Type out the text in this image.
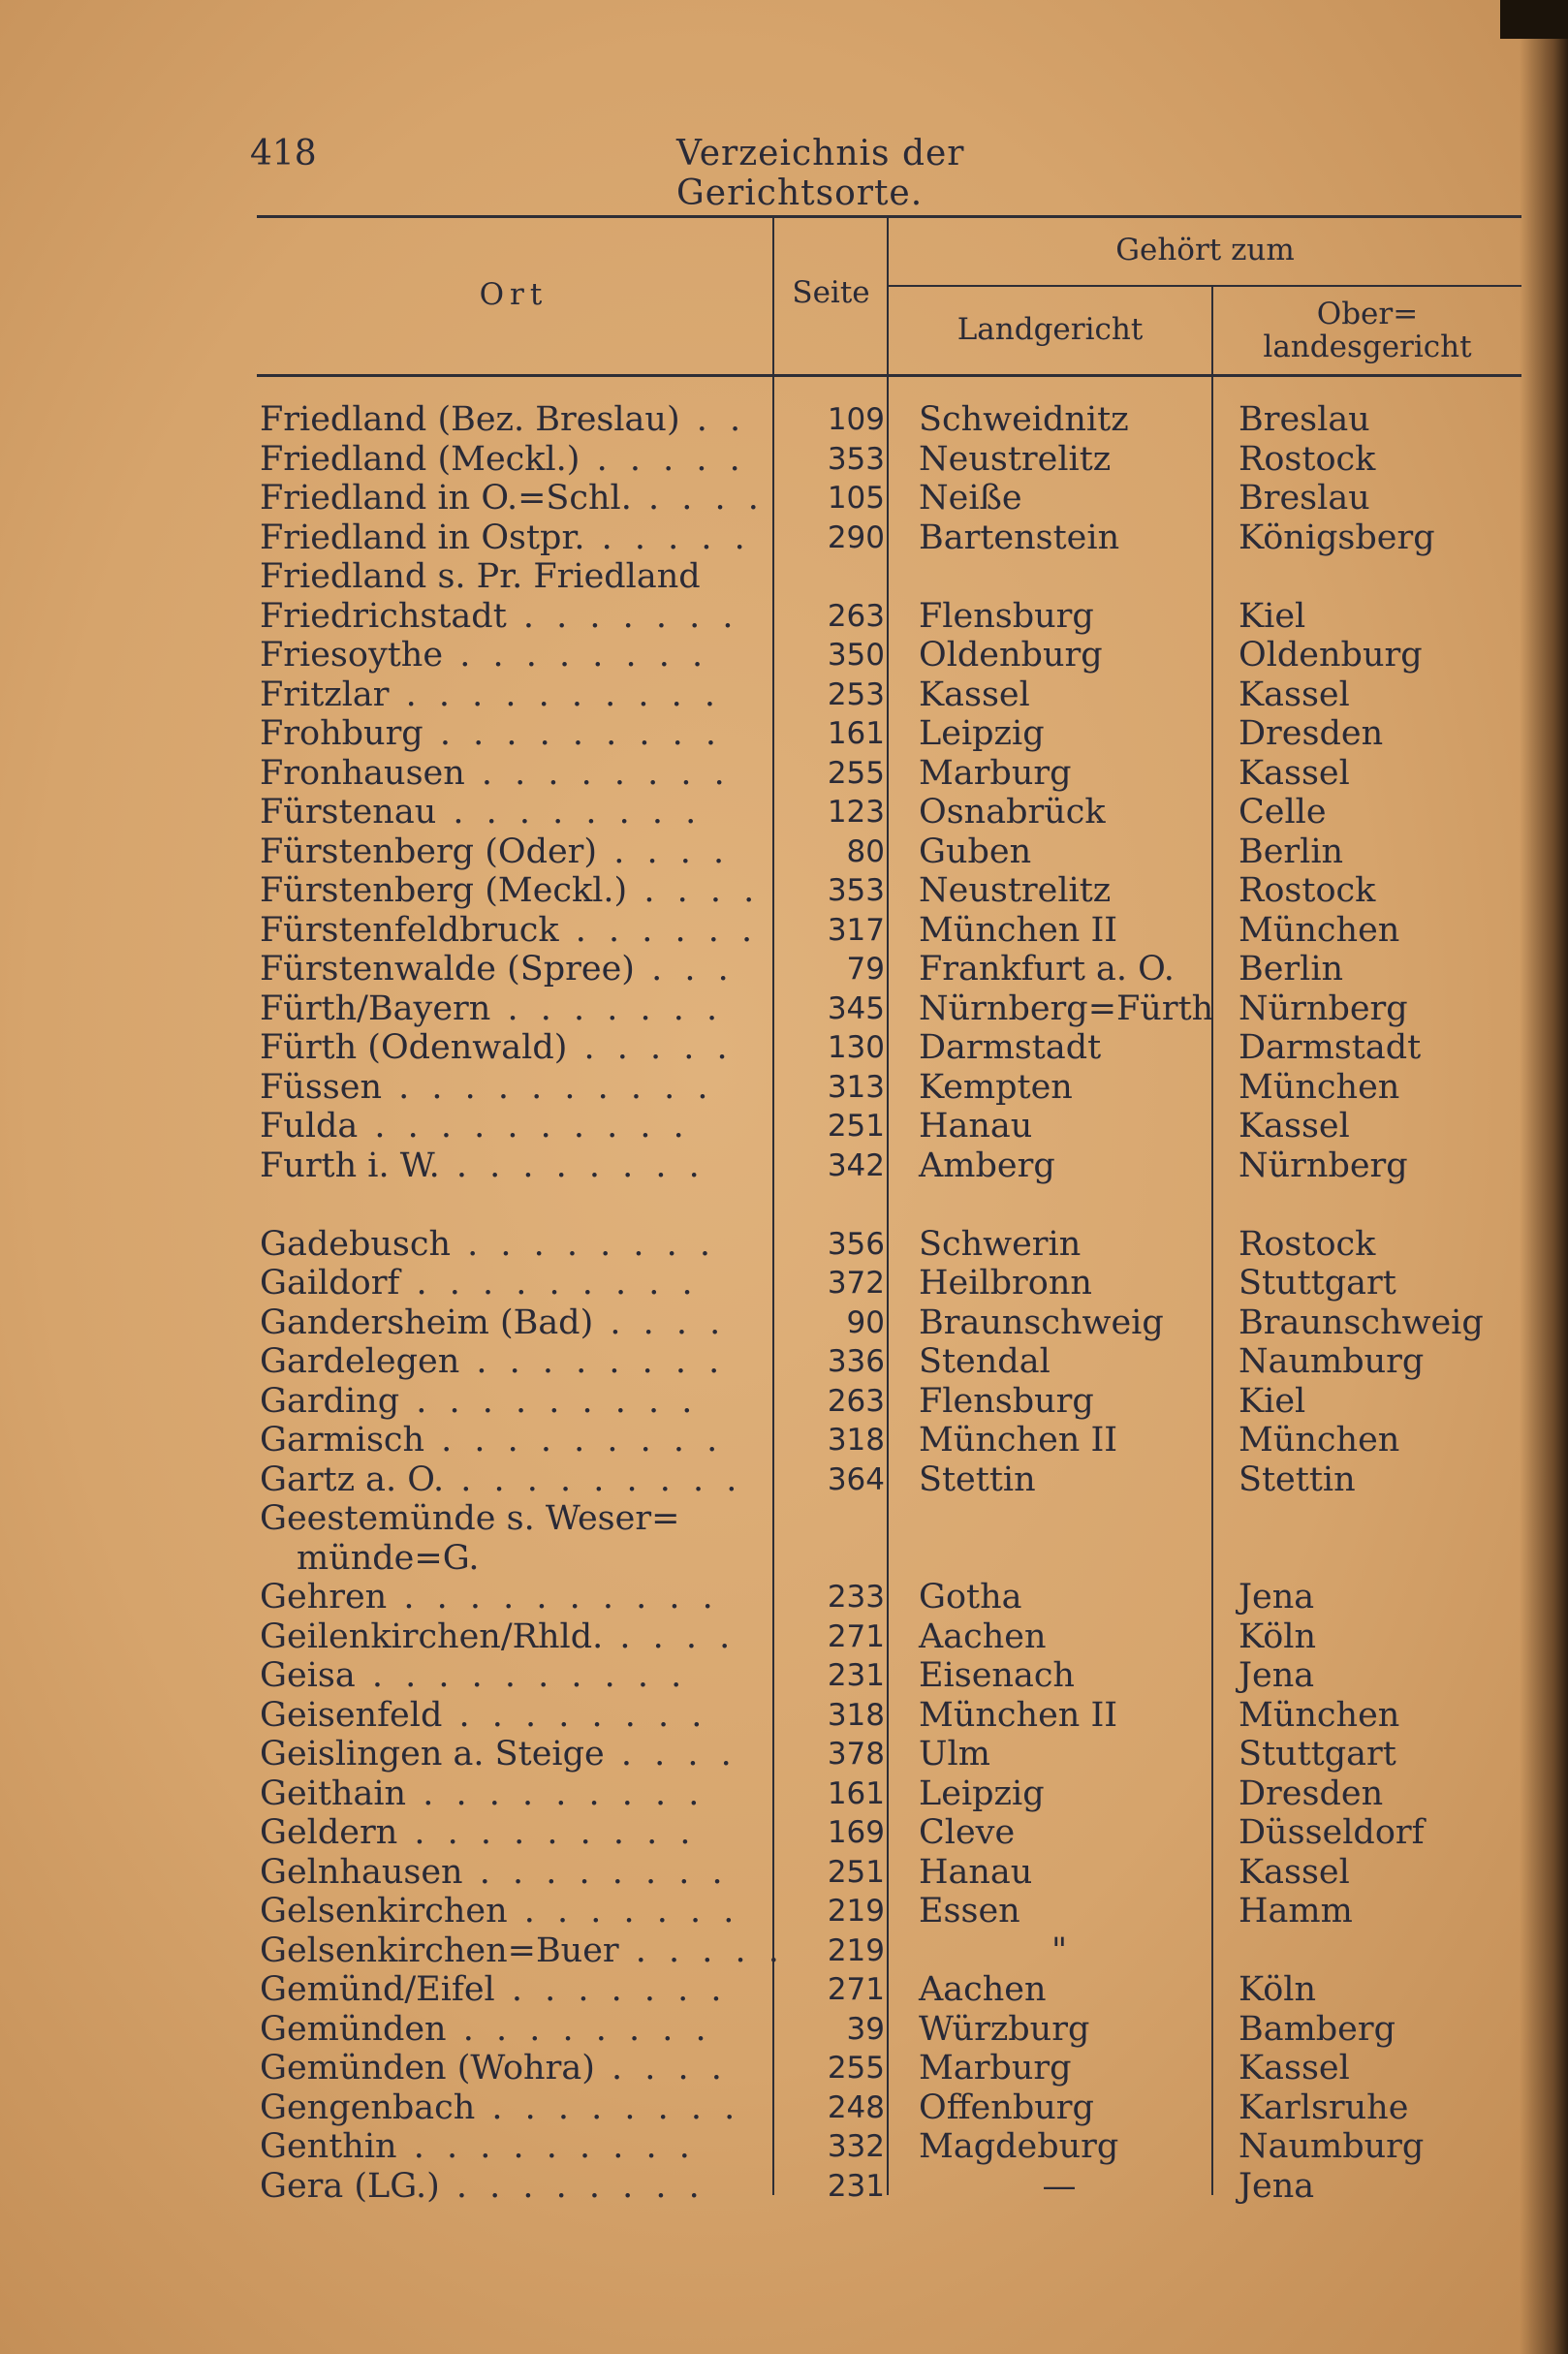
418	Verzeichnis der Gerichtsorte.
Ort	Seite
Gehört zum
Landgericht	Ober=
landesgericht
Friedland (Bez. Breslau) . .	109 Schweidnitz	Breslau
Friedland (Meckl.) . . . . .	353 Neustrelitz	Rostock
Friedland in O.=Schl. . . . .	105 Neiße	Breslau
Friedland in Ostpr. . . . . .	290 Bartenstein	Königsberg
Friedland s. Pr. Friedland
Friedrichstadt . . . . . . .	263 Flensburg	Kiel
Friesoythe . . . . . . . .	350 Oldenburg	Oldenburg
Fritzlar . . . . . . . . . .	253 Kassel	Kassel
Frohburg . . . . . . . . .	161 Leipzig	Dresden
Fronhausen . . . . . . . .	255 Marburg	Kassel
Fürstenau . . . . . . . .	123 Osnabrück	Celle
Fürstenberg (Oder) . . . .	80 Guben	Berlin
Fürstenberg (Meckl.) . . . .	353 Neustrelitz	Rostock
Fürstenfeldbruck . . . . . .	317 München II	München
Fürstenwalde (Spree) . . .	79 Frankfurt a. O.	Berlin
Fürth/Bayern . . . . . . .	345 Nürnberg=Fürth Nürnberg
Fürth (Odenwald) . . . . .	130 Darmstadt	Darmstadt
Füssen . . . . . . . . . .	313 Kempten	München
Fulda . . . . . . . . . .	251 Hanau	Kassel
Furth i. W. . . . . . . . .	342 Amberg	Nürnberg
Gadebusch . . . . . . . .	356 Schwerin	Rostock
Gaildorf . . . . . . . . .	372 Heilbronn	Stuttgart
Gandersheim (Bad) . . . .	90 Braunschweig	Braunschweig
Gardelegen . . . . . . . .	336 Stendal	Naumburg
Garding . . . . . . . . .	263 Flensburg	Kiel
Garmisch . . . . . . . . .	318 München II	München
Gartz a. O. . . . . . . . . .	364 Stettin	Stettin
Geestemünde s. Weser=
münde=G.
Gehren . . . . . . . . . .	233 Gotha	Jena
Geilenkirchen/Rhld. . . . .	271 Aachen	Köln
Geisa . . . . . . . . . .	231 Eisenach	Jena
Geisenfeld . . . . . . . .	318 München II	München
Geislingen a. Steige . . . .	378 Ulm	Stuttgart
Geithain . . . . . . . . .	161 Leipzig	Dresden
Geldern . . . . . . . . .	169 Cleve	Düsseldorf
Gelnhausen . . . . . . . .	251 Hanau	Kassel
Gelsenkirchen . . . . . . .	219 Essen	Hamm
Gelsenkirchen=Buer . . . . .	219	"
Gemünd/Eifel . . . . . . .	271 Aachen	Köln
Gemünden . . . . . . . .	39 Würzburg	Bamberg
Gemünden (Wohra) . . . .	255 Marburg	Kassel
Gengenbach . . . . . . . .	248 Offenburg	Karlsruhe
Genthin . . . . . . . . .	332 Magdeburg	Naumburg
Gera (LG.) . . . . . . . .	231	—	Jena
